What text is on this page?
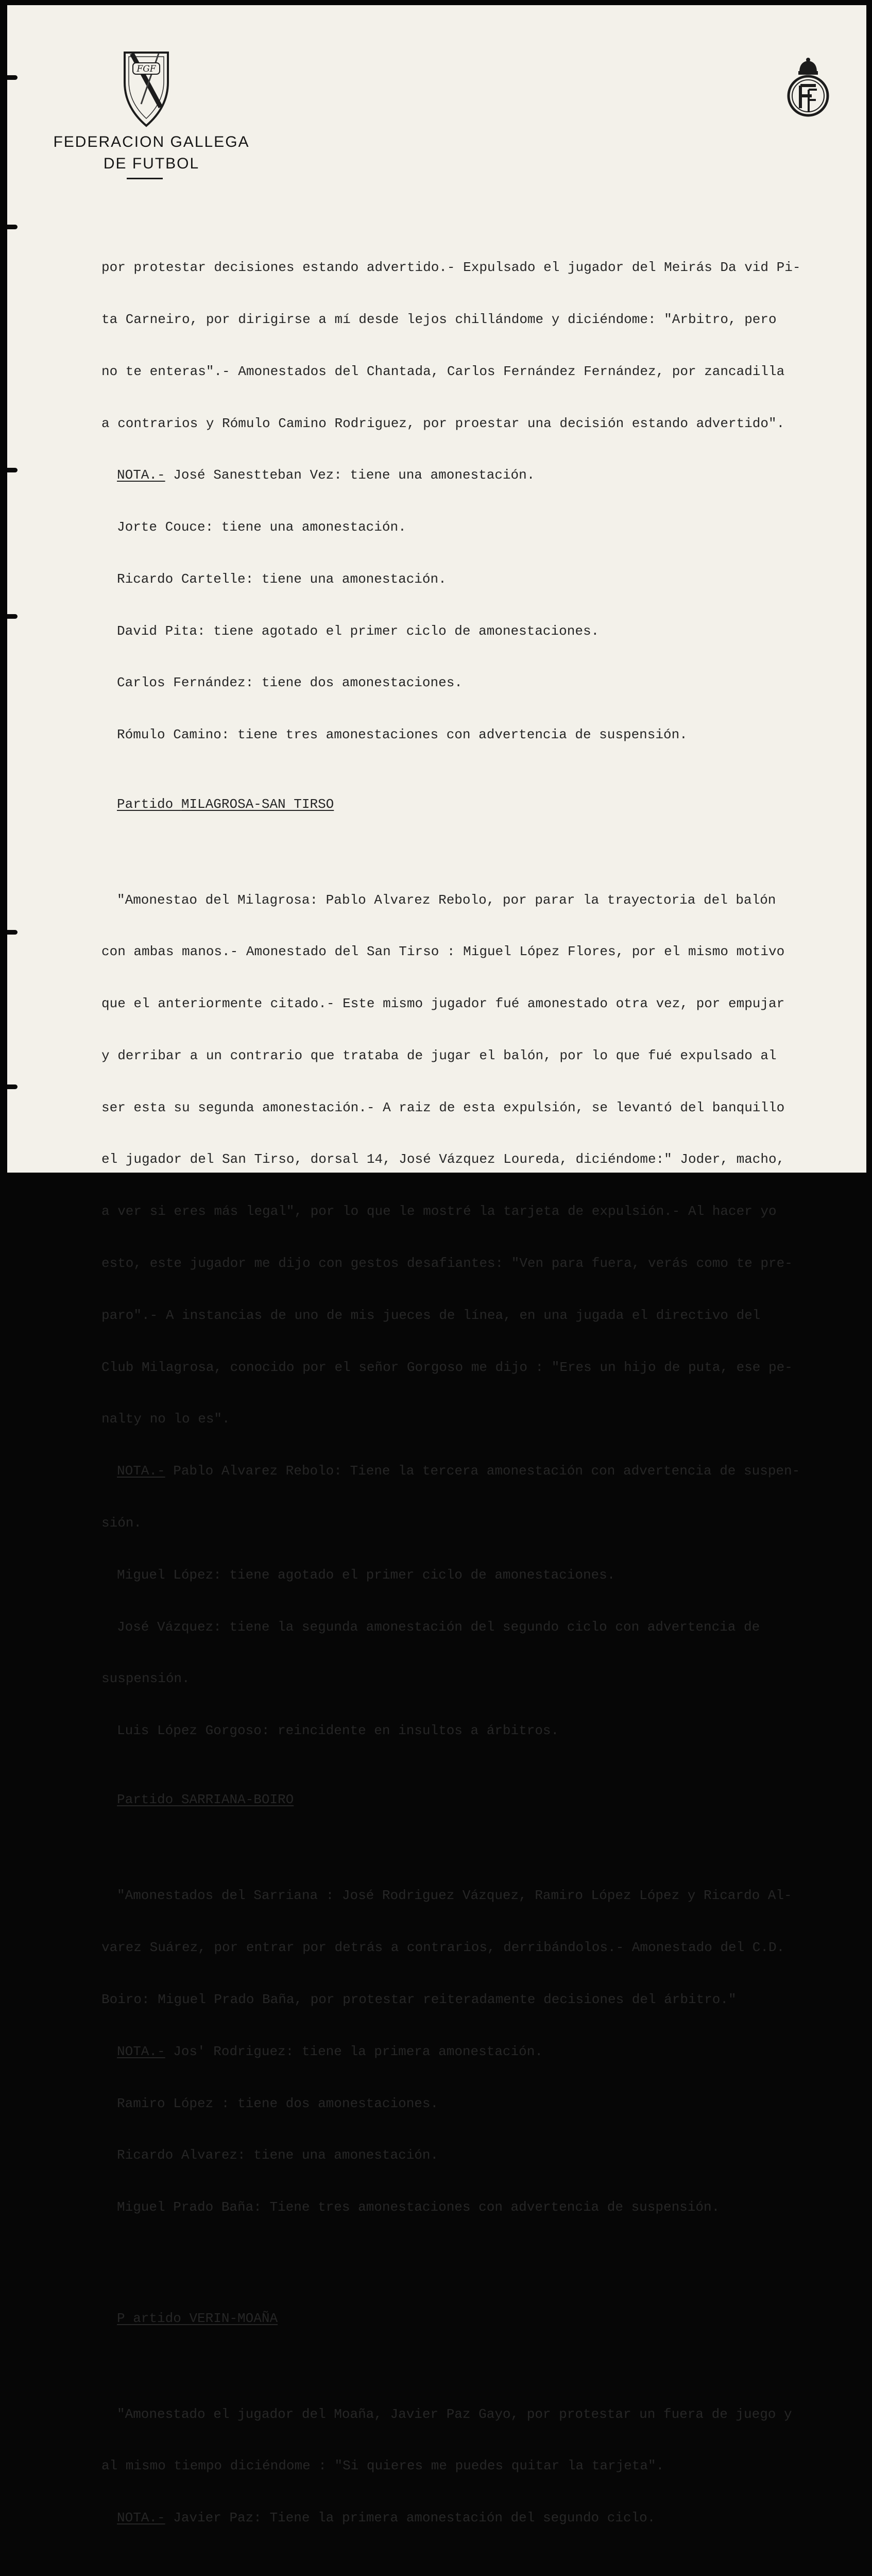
FGF
RFEF
FEDERACION GALLEGA
DE FUTBOL

por protestar decisiones estando advertido.- Expulsado el jugador del Meirás Da vid Pi-

ta Carneiro, por dirigirse a mí desde lejos chillándome y diciéndome: "Arbitro, pero

no te enteras".- Amonestados del Chantada, Carlos Fernández Fernández, por zancadilla

a contrarios y Rómulo Camino Rodriguez, por proestar una decisión estando advertido".

NOTA.- José Sanestteban Vez: tiene una amonestación.

Jorte Couce: tiene una amonestación.

Ricardo Cartelle: tiene una amonestación.

David Pita: tiene agotado el primer ciclo de amonestaciones.

Carlos Fernández: tiene dos amonestaciones.

Rómulo Camino: tiene tres amonestaciones con advertencia de suspensión.

Partido MILAGROSA-SAN TIRSO

"Amonestao del Milagrosa: Pablo Alvarez Rebolo, por parar la trayectoria del balón

con ambas manos.- Amonestado del San Tirso : Miguel López Flores, por el mismo motivo

que el anteriormente citado.- Este mismo jugador fué amonestado otra vez, por empujar

y derribar a un contrario que trataba de jugar el balón, por lo que fué expulsado al

ser esta su segunda amonestación.- A raiz de esta expulsión, se levantó del banquillo

el jugador del San Tirso, dorsal 14, José Vázquez Loureda, diciéndome:" Joder, macho,

a ver si eres más legal", por lo que le mostré la tarjeta de expulsión.- Al hacer yo

esto, este jugador me dijo con gestos desafiantes: "Ven para fuera, verás como te pre-

paro".- A instancias de uno de mis jueces de línea, en una jugada el directivo del

Club Milagrosa, conocido por el señor Gorgoso me dijo : "Eres un hijo de puta, ese pe-

nalty no lo es".

NOTA.- Pablo Alvarez Rebolo: Tiene la tercera amonestación con advertencia de suspen-

sión.

Miguel López: tiene agotado el primer ciclo de amonestaciones.

José Vázquez: tiene la segunda amonestación del segundo ciclo con advertencia de

suspensión.

Luis López Gorgoso: reincidente en insultos a árbitros.

Partido SARRIANA-BOIRO

"Amonestados del Sarriana : José Rodriguez Vázquez, Ramiro López López y Ricardo Al-

varez Suárez, por entrar por detrás a contrarios, derribándolos.- Amonestado del C.D.

Boiro: Miguel Prado Baña, por protestar reiteradamente decisiones del árbitro."

NOTA.- Jos' Rodriguez: tiene la primera amonestación.

Ramiro López : tiene dos amonestaciones.

Ricardo Alvarez: tiene una amonestación.

Miguel Prado Baña: Tiene tres amonestaciones con advertencia de suspensión.

P artido VERIN-MOAÑA

"Amonestado el jugador del Moaña, Javier Paz Gayo, por protestar un fuera de juego y

al mismo tiempo diciéndome : "Si quieres me puedes quitar la tarjeta".

NOTA.- Javier Paz: Tiene la primera amonestación del segundo ciclo.
